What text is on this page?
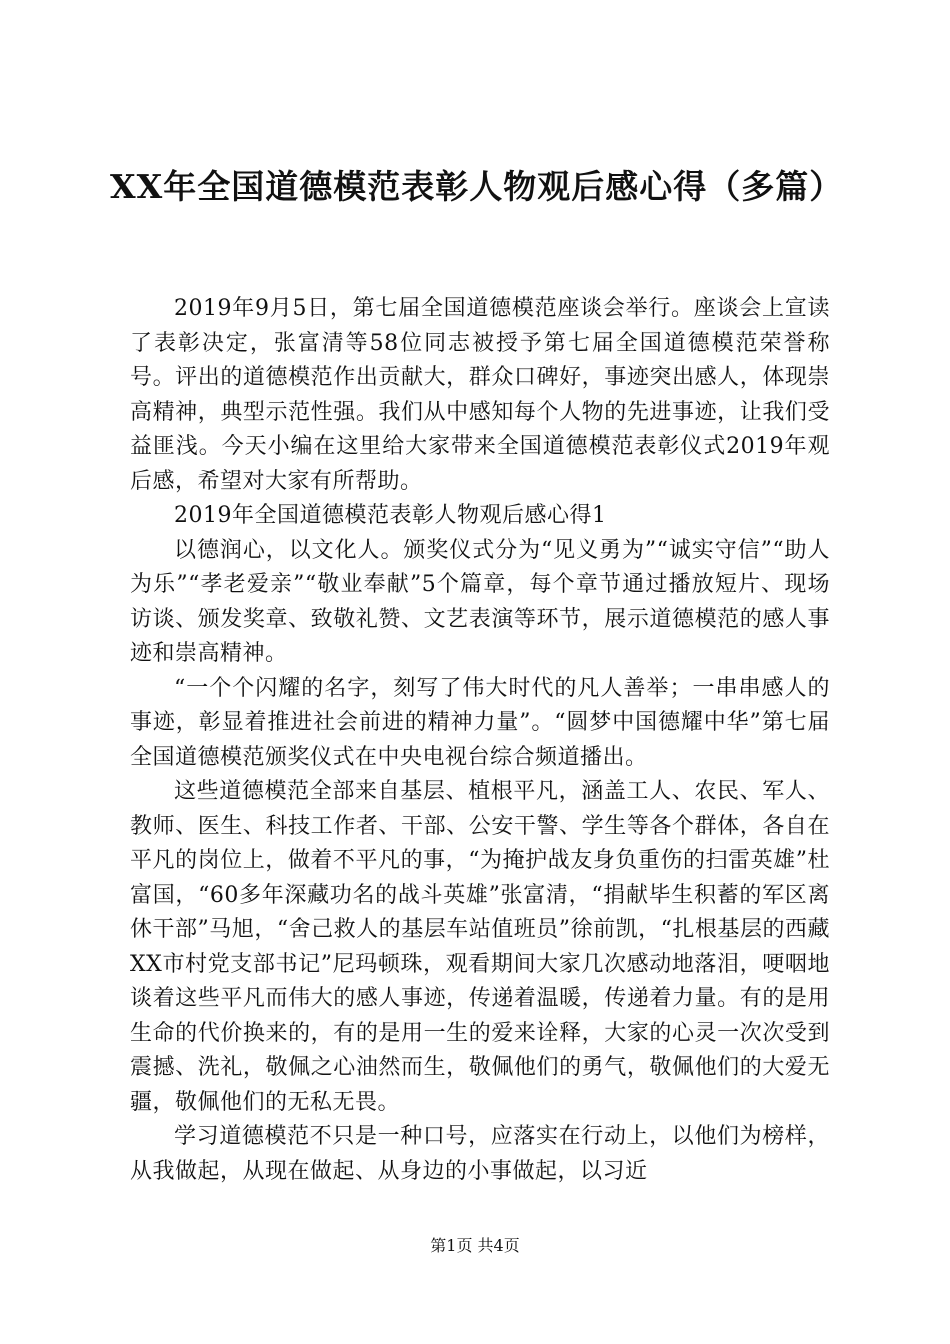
XX年全国道德模范表彰人物观后感心得（多篇）

2019年9月5日，第七届全国道德模范座谈会举行。座谈会上宣读了表彰决定，张富清等58位同志被授予第七届全国道德模范荣誉称号。评出的道德模范作出贡献大，群众口碑好，事迹突出感人，体现崇高精神，典型示范性强。我们从中感知每个人物的先进事迹，让我们受益匪浅。今天小编在这里给大家带来全国道德模范表彰仪式2019年观后感，希望对大家有所帮助。

2019年全国道德模范表彰人物观后感心得1

以德润心，以文化人。颁奖仪式分为“见义勇为”“诚实守信”“助人为乐”“孝老爱亲”“敬业奉献”5个篇章，每个章节通过播放短片、现场访谈、颁发奖章、致敬礼赞、文艺表演等环节，展示道德模范的感人事迹和崇高精神。

“一个个闪耀的名字，刻写了伟大时代的凡人善举；一串串感人的事迹，彰显着推进社会前进的精神力量”。“圆梦中国德耀中华”第七届全国道德模范颁奖仪式在中央电视台综合频道播出。

这些道德模范全部来自基层、植根平凡，涵盖工人、农民、军人、教师、医生、科技工作者、干部、公安干警、学生等各个群体，各自在平凡的岗位上，做着不平凡的事，“为掩护战友身负重伤的扫雷英雄”杜富国，“60多年深藏功名的战斗英雄”张富清，“捐献毕生积蓄的军区离休干部”马旭，“舍己救人的基层车站值班员”徐前凯，“扎根基层的西藏XX市村党支部书记”尼玛顿珠，观看期间大家几次感动地落泪，哽咽地谈着这些平凡而伟大的感人事迹，传递着温暖，传递着力量。有的是用生命的代价换来的，有的是用一生的爱来诠释，大家的心灵一次次受到震撼、洗礼，敬佩之心油然而生，敬佩他们的勇气，敬佩他们的大爱无疆，敬佩他们的无私无畏。

学习道德模范不只是一种口号，应落实在行动上，以他们为榜样，从我做起，从现在做起、从身边的小事做起，以习近

第1页 共4页
